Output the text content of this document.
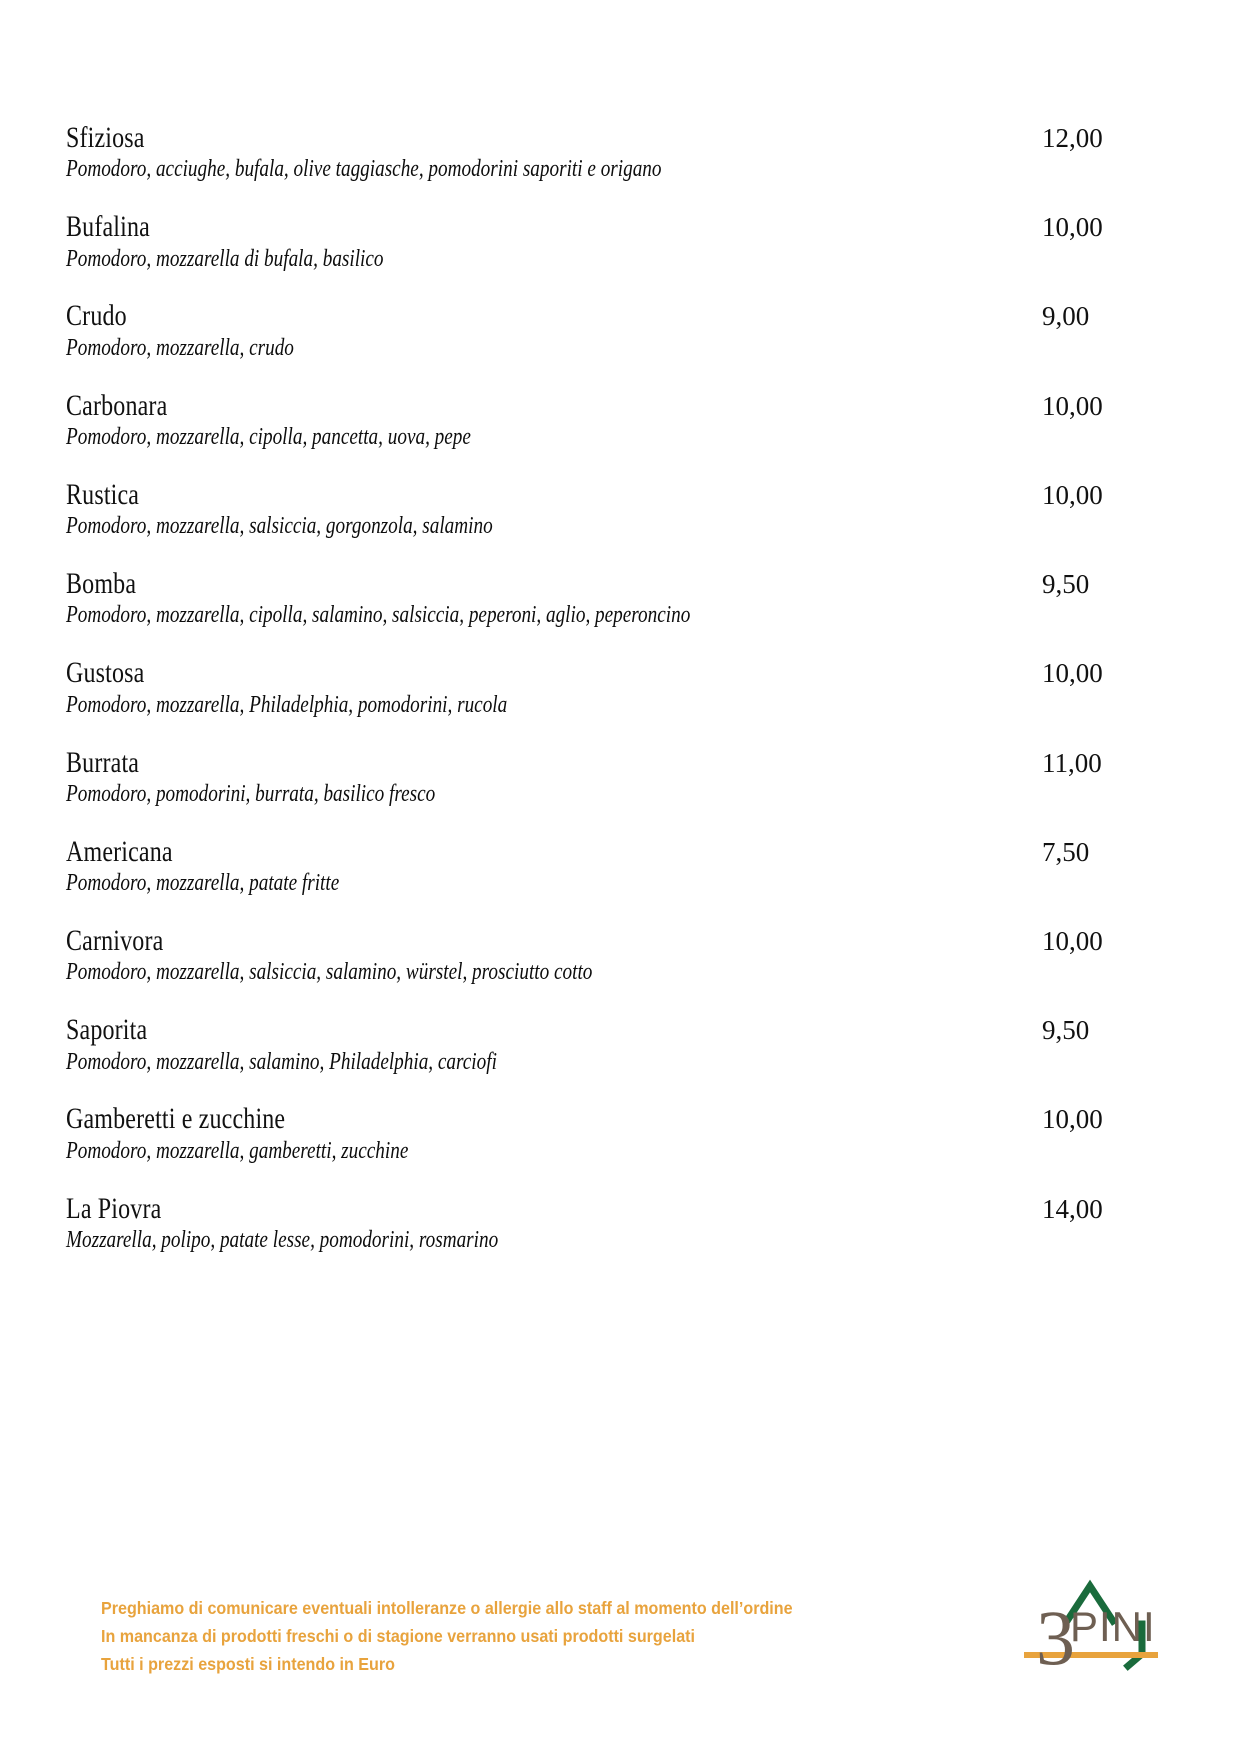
Sfiziosa	12,00
Pomodoro, acciughe, bufala, olive taggiasche, pomodorini saporiti e origano
Bufalina	10,00
Pomodoro, mozzarella di bufala, basilico
Crudo	9,00
Pomodoro, mozzarella, crudo
Carbonara	10,00
Pomodoro, mozzarella, cipolla, pancetta, uova, pepe
Rustica	10,00
Pomodoro, mozzarella, salsiccia, gorgonzola, salamino
Bomba	9,50
Pomodoro, mozzarella, cipolla, salamino, salsiccia, peperoni, aglio, peperoncino
Gustosa	10,00
Pomodoro, mozzarella, Philadelphia, pomodorini, rucola
Burrata	11,00
Pomodoro, pomodorini, burrata, basilico fresco
Americana	7,50
Pomodoro, mozzarella, patate fritte
Carnivora	10,00
Pomodoro, mozzarella, salsiccia, salamino, würstel, prosciutto cotto
Saporita	9,50
Pomodoro, mozzarella, salamino, Philadelphia, carciofi
Gamberetti e zucchine	10,00
Pomodoro, mozzarella, gamberetti, zucchine
La Piovra	14,00
Mozzarella, polipo, patate lesse, pomodorini, rosmarino
Preghiamo di comunicare eventuali intolleranze o allergie allo staff al momento dell’ordine
In mancanza di prodotti freschi o di stagione verranno usati prodotti surgelati
Tutti i prezzi esposti si intendo in Euro	3
PINI
